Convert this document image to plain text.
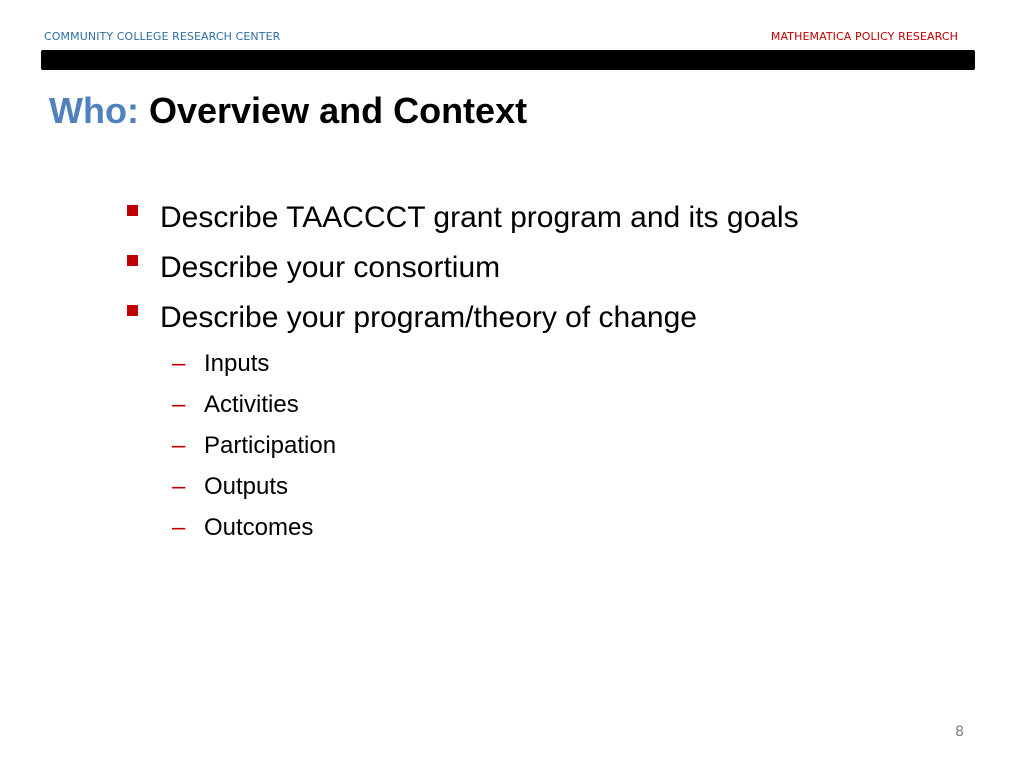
COMMUNITY COLLEGE RESEARCH CENTER	MATHEMATICA POLICY RESEARCH
Who: Overview and Context
Describe TAACCCT grant program and its goals
Describe your consortium
Describe your program/theory of change
– Inputs
– Activities
– Participation
– Outputs
– Outcomes
8
